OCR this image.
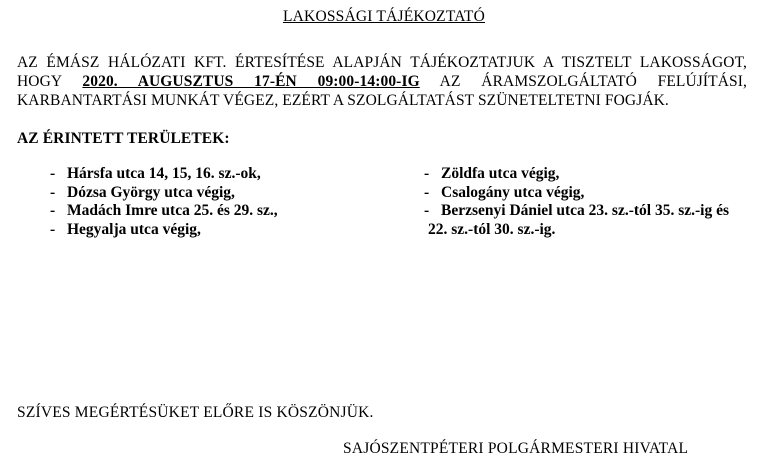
LAKOSSÁGI TÁJÉKOZTATÓ
AZ ÉMÁSZ HÁLÓZATI KFT. ÉRTESÍTÉSE ALAPJÁN TÁJÉKOZTATJUK A TISZTELT LAKOSSÁGOT, HOGY 2020. AUGUSZTUS 17-ÉN 09:00-14:00-IG AZ ÁRAMSZOLGÁLTATÓ FELÚJÍTÁSI, KARBANTARTÁSI MUNKÁT VÉGEZ, EZÉRT A SZOLGÁLTATÁST SZÜNETELTETNI FOGJÁK.
AZ ÉRINTETT TERÜLETEK:
- Hársfa utca 14, 15, 16. sz.-ok,
- Dózsa György utca végig,
- Madách Imre utca 25. és 29. sz.,
- Hegyalja utca végig,
- Zöldfa utca végig,
- Csalogány utca végig,
- Berzsenyi Dániel utca 23. sz.-tól 35. sz.-ig és
22. sz.-tól 30. sz.-ig.
SZÍVES MEGÉRTÉSÜKET ELŐRE IS KÖSZÖNJÜK.
SAJÓSZENTPÉTERI POLGÁRMESTERI HIVATAL
